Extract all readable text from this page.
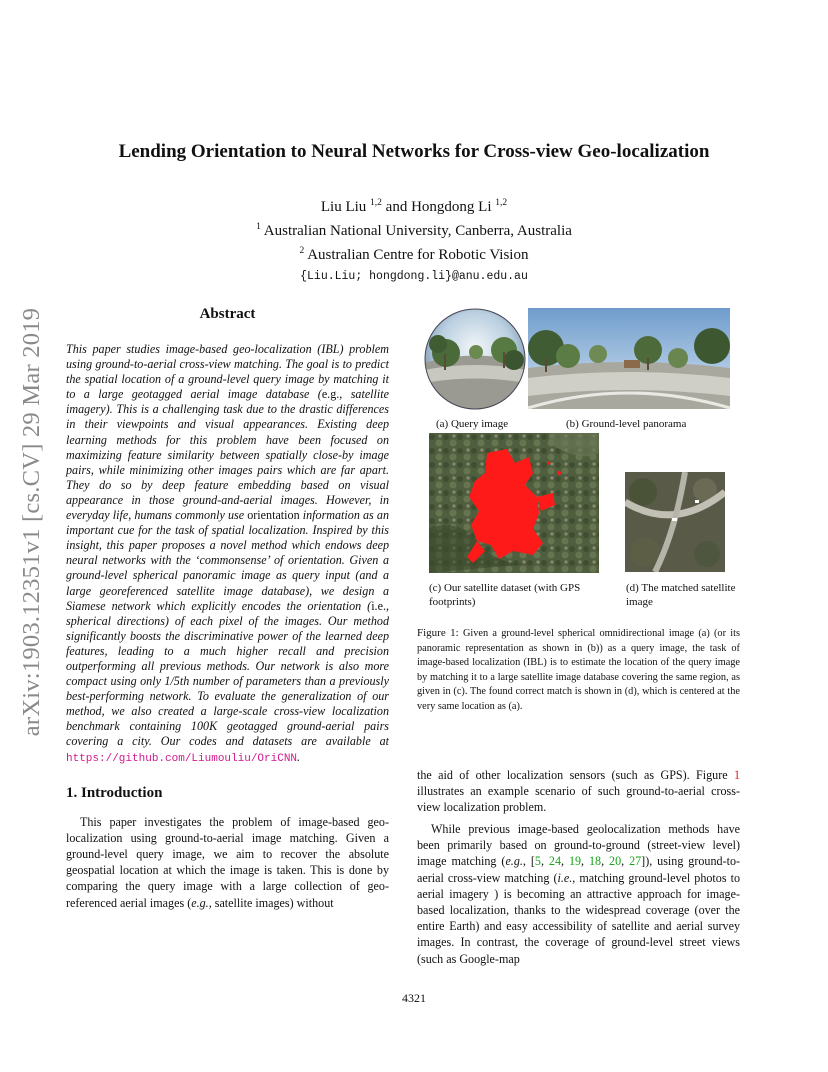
arXiv:1903.12351v1 [cs.CV] 29 Mar 2019
Lending Orientation to Neural Networks for Cross-view Geo-localization
Liu Liu $^{1,2}$ and Hongdong Li $^{1,2}$
$^1$ Australian National University, Canberra, Australia
$^2$ Australian Centre for Robotic Vision
{Liu.Liu; hongdong.li}@anu.edu.au
Abstract

This paper studies image-based geo-localization (IBL) problem using ground-to-aerial cross-view matching. The goal is to predict the spatial location of a ground-level query image by matching it to a large geotagged aerial image database (e.g., satellite imagery). This is a challenging task due to the drastic differences in their viewpoints and visual appearances. Existing deep learning methods for this problem have been focused on maximizing feature similarity between spatially close-by image pairs, while minimizing other images pairs which are far apart. They do so by deep feature embedding based on visual appearance in those ground-and-aerial images. However, in everyday life, humans commonly use orientation information as an important cue for the task of spatial localization. Inspired by this insight, this paper proposes a novel method which endows deep neural networks with the ‘commonsense’ of orientation. Given a ground-level spherical panoramic image as query input (and a large georeferenced satellite image database), we design a Siamese network which explicitly encodes the orientation (i.e., spherical directions) of each pixel of the images. Our method significantly boosts the discriminative power of the learned deep features, leading to a much higher recall and precision outperforming all previous methods. Our network is also more compact using only 1/5th number of parameters than a previously best-performing network. To evaluate the generalization of our method, we also created a large-scale cross-view localization benchmark containing 100K geotagged ground-aerial pairs covering a city. Our codes and datasets are available at https://github.com/Liumouliu/OriCNN.

1. Introduction

This paper investigates the problem of image-based geo-localization using ground-to-aerial image matching. Given a ground-level query image, we aim to recover the absolute geospatial location at which the image is taken. This is done by comparing the query image with a large collection of geo-referenced aerial images (e.g., satellite images) without

(a) Query image	(b) Ground-level panorama
(c) Our satellite dataset (with GPS footprints)
(d) The matched satellite image
Figure 1: Given a ground-level spherical omnidirectional image (a) (or its panoramic representation as shown in (b)) as a query image, the task of image-based localization (IBL) is to estimate the location of the query image by matching it to a large satellite image database covering the same region, as given in (c). The found correct match is shown in (d), which is centered at the very same location as (a).
the aid of other localization sensors (such as GPS). Figure 1 illustrates an example scenario of such ground-to-aerial cross-view localization problem.
While previous image-based geolocalization methods have been primarily based on ground-to-ground (street-view level) image matching (e.g., [5, 24, 19, 18, 20, 27]), using ground-to-aerial cross-view matching (i.e., matching ground-level photos to aerial imagery ) is becoming an attractive approach for image-based localization, thanks to the widespread coverage (over the entire Earth) and easy accessibility of satellite and aerial survey images. In contrast, the coverage of ground-level street views (such as Google-map
4321
